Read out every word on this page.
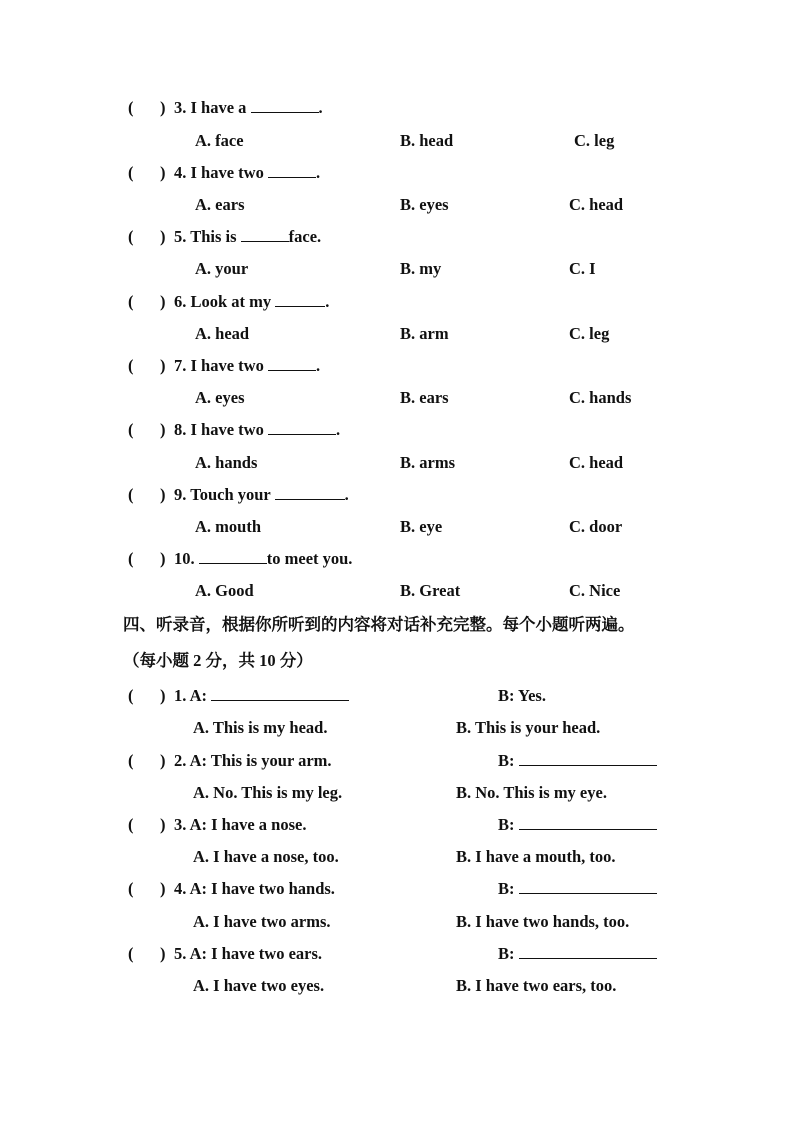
( ) 3. I have a	.
A. face	B. head	C. leg
( ) 4. I have two	.
A. ears	B. eyes	C. head
( ) 5. This is	face.
A. your	B. my	C. I
( ) 6. Look at my	.
A. head	B. arm	C. leg
( ) 7. I have two	.
A. eyes	B. ears	C. hands
( ) 8. I have two	.
A. hands	B. arms	C. head
( ) 9. Touch your	.
A. mouth	B. eye	C. door
( ) 10.	to meet you.
A. Good	B. Great	C. Nice
四、听录音，根据你所听到的内容将对话补充完整。每个小题听两遍。
（每小题 2 分，共 10 分）
( ) 1. A:	B: Yes.
A. This is my head.	B. This is your head.
( ) 2. A: This is your arm.	B:
A. No. This is my leg.	B. No. This is my eye.
( ) 3. A: I have a nose.	B:
A. I have a nose, too.	B. I have a mouth, too.
( ) 4. A: I have two hands.	B:
A. I have two arms.	B. I have two hands, too.
( ) 5. A: I have two ears.	B:
A. I have two eyes.	B. I have two ears, too.
